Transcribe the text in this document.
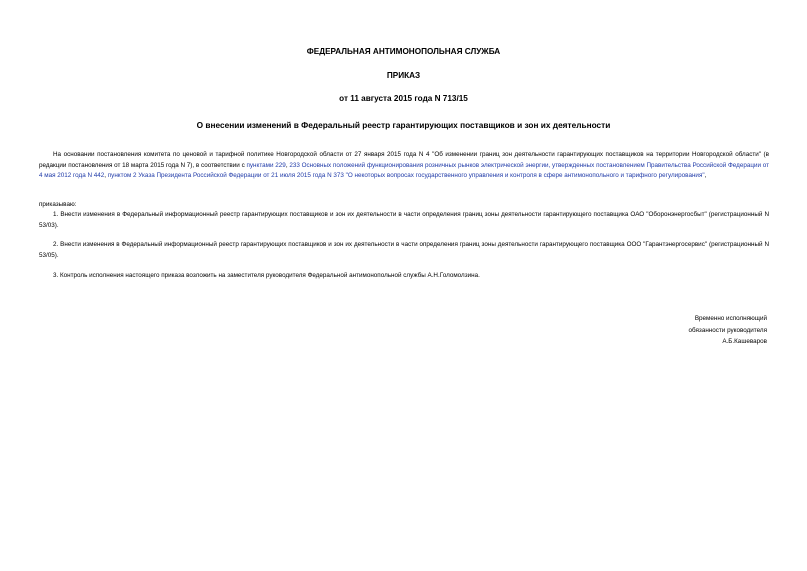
ФЕДЕРАЛЬНАЯ АНТИМОНОПОЛЬНАЯ СЛУЖБА
ПРИКАЗ
от 11 августа 2015 года N 713/15
О внесении изменений в Федеральный реестр гарантирующих поставщиков и зон их деятельности
На основании постановления комитета по ценовой и тарифной политике Новгородской области от 27 января 2015 года N 4 "Об изменении границ зон деятельности гарантирующих поставщиков на территории Новгородской области" (в редакции постановления от 18 марта 2015 года N 7), в соответствии с пунктами 229, 233 Основных положений функционирования розничных рынков электрической энергии, утвержденных постановлением Правительства Российской Федерации от 4 мая 2012 года N 442, пунктом 2 Указа Президента Российской Федерации от 21 июля 2015 года N 373 "О некоторых вопросах государственного управления и контроля в сфере антимонопольного и тарифного регулирования",
приказываю:
1. Внести изменения в Федеральный информационный реестр гарантирующих поставщиков и зон их деятельности в части определения границ зоны деятельности гарантирующего поставщика ОАО "Оборонэнергосбыт" (регистрационный N 53/03).
2. Внести изменения в Федеральный информационный реестр гарантирующих поставщиков и зон их деятельности в части определения границ зоны деятельности гарантирующего поставщика ООО "Гарантэнергосервис" (регистрационный N 53/05).
3. Контроль исполнения настоящего приказа возложить на заместителя руководителя Федеральной антимонопольной службы А.Н.Голомолзина.
Временно исполняющий
обязанности руководителя
А.Б.Кашеваров
